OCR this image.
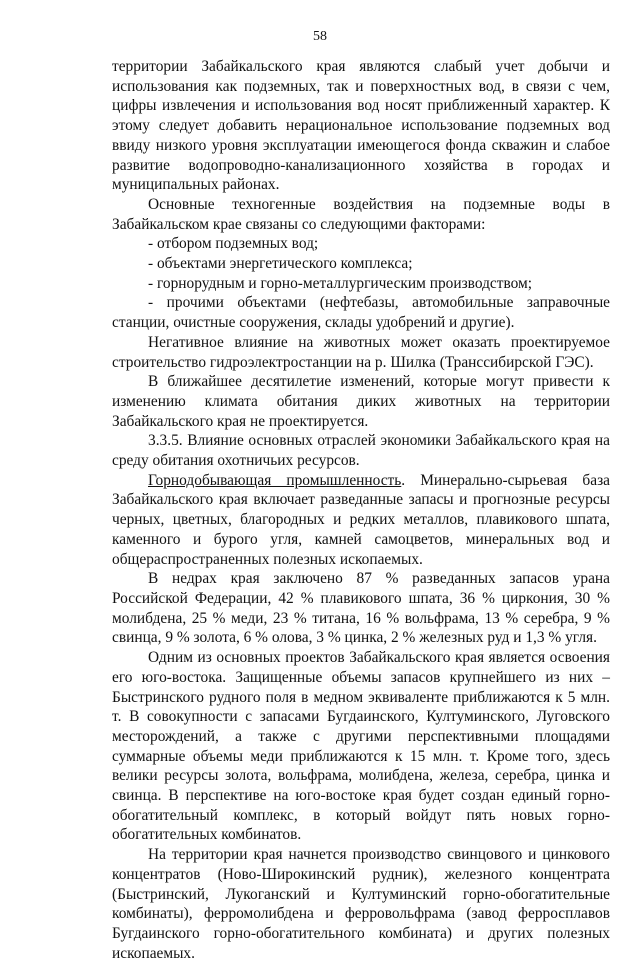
58

территории Забайкальского края являются слабый учет добычи и использования как подземных, так и поверхностных вод, в связи с чем, цифры извлечения и использования вод носят приближенный характер. К этому следует добавить нерациональное использование подземных вод ввиду низкого уровня эксплуатации имеющегося фонда скважин и слабое развитие водопроводно-канализационного хозяйства в городах и муниципальных районах.

Основные техногенные воздействия на подземные воды в Забайкальском крае связаны со следующими факторами:

- отбором подземных вод;

- объектами энергетического комплекса;

- горнорудным и горно-металлургическим производством;

- прочими объектами (нефтебазы, автомобильные заправочные станции, очистные сооружения, склады удобрений и другие).

Негативное влияние на животных может оказать проектируемое строительство гидроэлектростанции на р. Шилка (Транссибирской ГЭС).

В ближайшее десятилетие изменений, которые могут привести к изменению климата обитания диких животных на территории Забайкальского края не проектируется.

3.3.5. Влияние основных отраслей экономики Забайкальского края на среду обитания охотничьих ресурсов.

Горнодобывающая промышленность. Минерально-сырьевая база Забайкальского края включает разведанные запасы и прогнозные ресурсы черных, цветных, благородных и редких металлов, плавикового шпата, каменного и бурого угля, камней самоцветов, минеральных вод и общераспространенных полезных ископаемых.

В недрах края заключено 87 % разведанных запасов урана Российской Федерации, 42 % плавикового шпата, 36 % циркония, 30 % молибдена, 25 % меди, 23 % титана, 16 % вольфрама, 13 % серебра, 9 % свинца, 9 % золота, 6 % олова, 3 % цинка, 2 % железных руд и 1,3 % угля.

Одним из основных проектов Забайкальского края является освоения его юго-востока. Защищенные объемы запасов крупнейшего из них – Быстринского рудного поля в медном эквиваленте приближаются к 5 млн. т. В совокупности с запасами Бугдаинского, Култуминского, Луговского месторождений, а также с другими перспективными площадями суммарные объемы меди приближаются к 15 млн. т. Кроме того, здесь велики ресурсы золота, вольфрама, молибдена, железа, серебра, цинка и свинца. В перспективе на юго-востоке края будет создан единый горно-обогатительный комплекс, в который войдут пять новых горно-обогатительных комбинатов.

На территории края начнется производство свинцового и цинкового концентратов (Ново-Широкинский рудник), железного концентрата (Быстринский, Лукоганский и Култуминский горно-обогатительные комбинаты), ферромолибдена и ферровольфрама (завод ферросплавов Бугдаинского горно-обогатительного комбината) и других полезных ископаемых.
